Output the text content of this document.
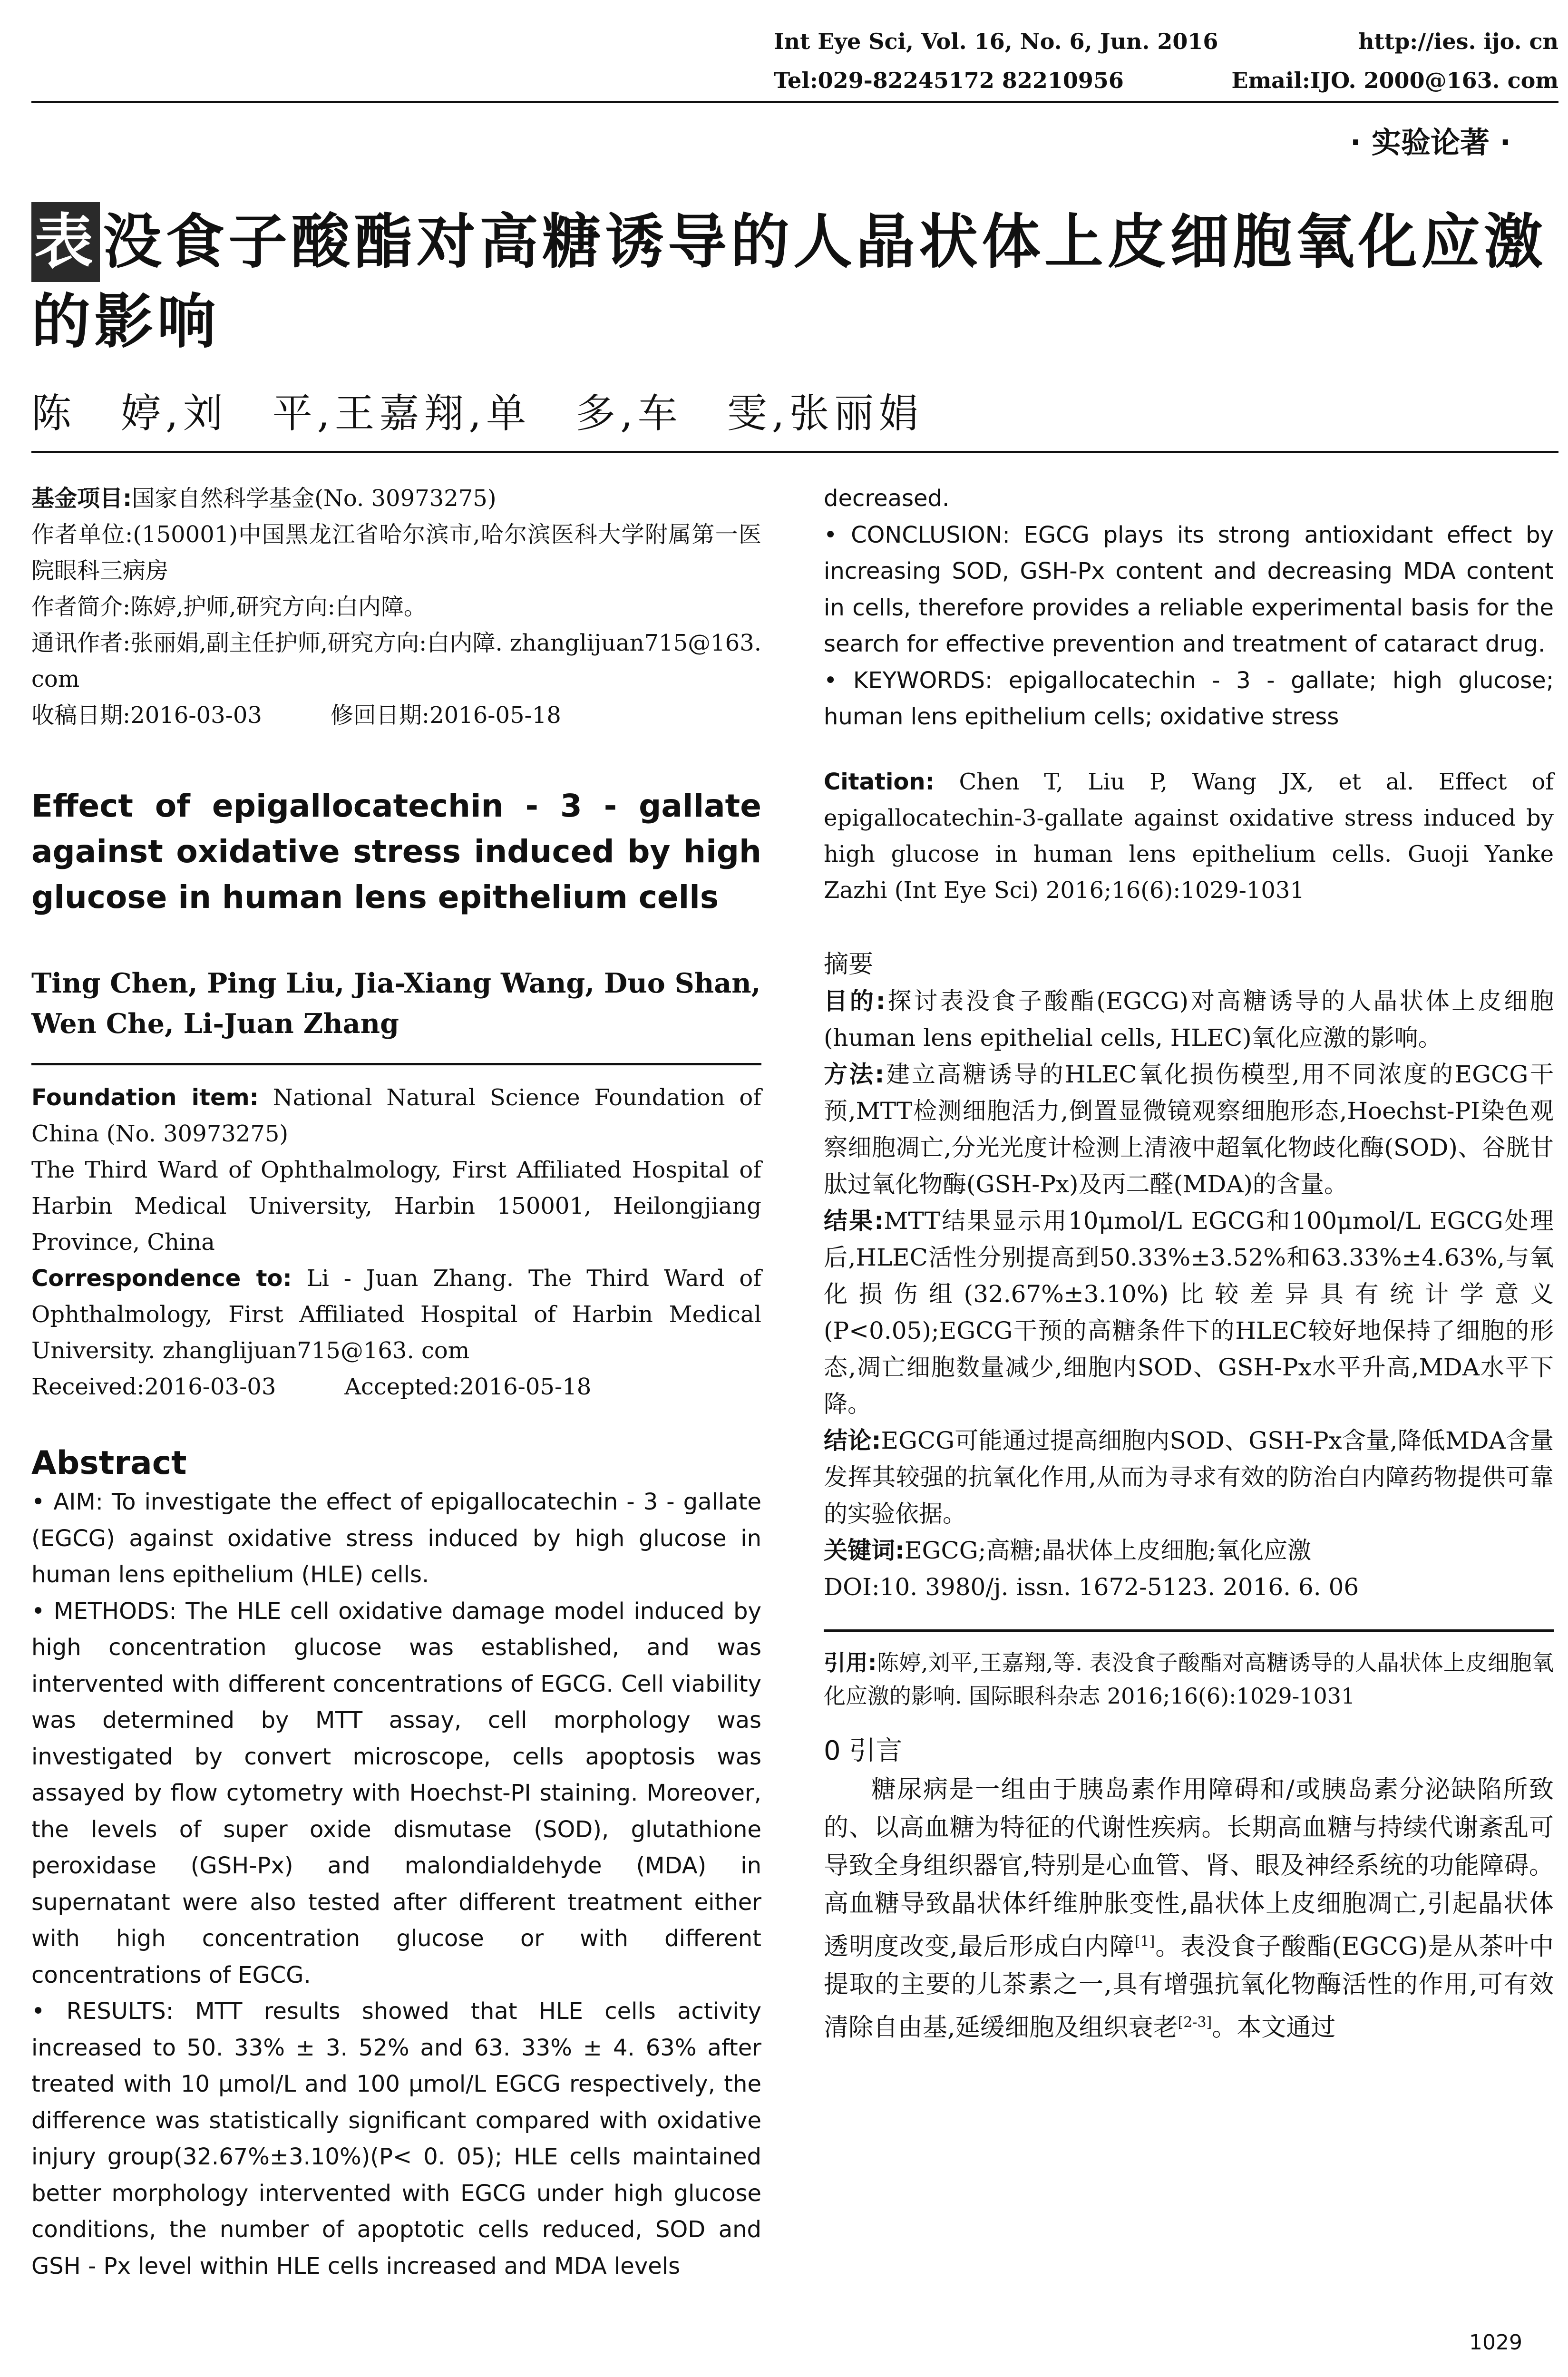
Int Eye Sci, Vol. 16, No. 6, Jun. 2016	http://ies. ijo. cn
Tel:029-82245172 82210956	Email:IJO. 2000@163. com
· 实验论著 ·
表没食子酸酯对高糖诱导的人晶状体上皮细胞氧化应激的影响
陈　婷,刘　平,王嘉翔,单　多,车　雯,张丽娟
基金项目:国家自然科学基金(No. 30973275)
作者单位:(150001)中国黑龙江省哈尔滨市,哈尔滨医科大学附属第一医院眼科三病房
作者简介:陈婷,护师,研究方向:白内障。
通讯作者:张丽娟,副主任护师,研究方向:白内障. zhanglijuan715@163. com
收稿日期:2016-03-03　　　修回日期:2016-05-18
Effect of epigallocatechin - 3 - gallate against oxidative stress induced by high glucose in human lens epithelium cells
Ting Chen, Ping Liu, Jia-Xiang Wang, Duo Shan, Wen Che, Li-Juan Zhang
Foundation item: National Natural Science Foundation of China (No. 30973275)
The Third Ward of Ophthalmology, First Affiliated Hospital of Harbin Medical University, Harbin 150001, Heilongjiang Province, China
Correspondence to: Li - Juan Zhang. The Third Ward of Ophthalmology, First Affiliated Hospital of Harbin Medical University. zhanglijuan715@163. com
Received:2016-03-03　　　Accepted:2016-05-18
Abstract
• AIM: To investigate the effect of epigallocatechin - 3 - gallate (EGCG) against oxidative stress induced by high glucose in human lens epithelium (HLE) cells.
• METHODS: The HLE cell oxidative damage model induced by high concentration glucose was established, and was intervented with different concentrations of EGCG. Cell viability was determined by MTT assay, cell morphology was investigated by convert microscope, cells apoptosis was assayed by flow cytometry with Hoechst-PI staining. Moreover, the levels of super oxide dismutase (SOD), glutathione peroxidase (GSH-Px) and malondialdehyde (MDA) in supernatant were also tested after different treatment either with high concentration glucose or with different concentrations of EGCG.
• RESULTS: MTT results showed that HLE cells activity increased to 50. 33% ± 3. 52% and 63. 33% ± 4. 63% after treated with 10 μmol/L and 100 μmol/L EGCG respectively, the difference was statistically significant compared with oxidative injury group(32.67%±3.10%)(P< 0. 05); HLE cells maintained better morphology intervented with EGCG under high glucose conditions, the number of apoptotic cells reduced, SOD and GSH - Px level within HLE cells increased and MDA levels
decreased.
• CONCLUSION: EGCG plays its strong antioxidant effect by increasing SOD, GSH-Px content and decreasing MDA content in cells, therefore provides a reliable experimental basis for the search for effective prevention and treatment of cataract drug.
• KEYWORDS: epigallocatechin - 3 - gallate; high glucose; human lens epithelium cells; oxidative stress
Citation: Chen T, Liu P, Wang JX, et al. Effect of epigallocatechin-3-gallate against oxidative stress induced by high glucose in human lens epithelium cells. Guoji Yanke Zazhi (Int Eye Sci) 2016;16(6):1029-1031
摘要
目的:探讨表没食子酸酯(EGCG)对高糖诱导的人晶状体上皮细胞(human lens epithelial cells, HLEC)氧化应激的影响。
方法:建立高糖诱导的HLEC氧化损伤模型,用不同浓度的EGCG干预,MTT检测细胞活力,倒置显微镜观察细胞形态,Hoechst-PI染色观察细胞凋亡,分光光度计检测上清液中超氧化物歧化酶(SOD)、谷胱甘肽过氧化物酶(GSH-Px)及丙二醛(MDA)的含量。
结果:MTT结果显示用10μmol/L EGCG和100μmol/L EGCG处理后,HLEC活性分别提高到50.33%±3.52%和63.33%±4.63%,与氧化损伤组(32.67%±3.10%)比较差异具有统计学意义(P<0.05);EGCG干预的高糖条件下的HLEC较好地保持了细胞的形态,凋亡细胞数量减少,细胞内SOD、GSH-Px水平升高,MDA水平下降。
结论:EGCG可能通过提高细胞内SOD、GSH-Px含量,降低MDA含量发挥其较强的抗氧化作用,从而为寻求有效的防治白内障药物提供可靠的实验依据。
关键词:EGCG;高糖;晶状体上皮细胞;氧化应激
DOI:10. 3980/j. issn. 1672-5123. 2016. 6. 06
引用:陈婷,刘平,王嘉翔,等. 表没食子酸酯对高糖诱导的人晶状体上皮细胞氧化应激的影响. 国际眼科杂志 2016;16(6):1029-1031
0 引言
糖尿病是一组由于胰岛素作用障碍和/或胰岛素分泌缺陷所致的、以高血糖为特征的代谢性疾病。长期高血糖与持续代谢紊乱可导致全身组织器官,特别是心血管、肾、眼及神经系统的功能障碍。高血糖导致晶状体纤维肿胀变性,晶状体上皮细胞凋亡,引起晶状体透明度改变,最后形成白内障[1]。表没食子酸酯(EGCG)是从茶叶中提取的主要的儿茶素之一,具有增强抗氧化物酶活性的作用,可有效清除自由基,延缓细胞及组织衰老[2-3]。本文通过
1029
